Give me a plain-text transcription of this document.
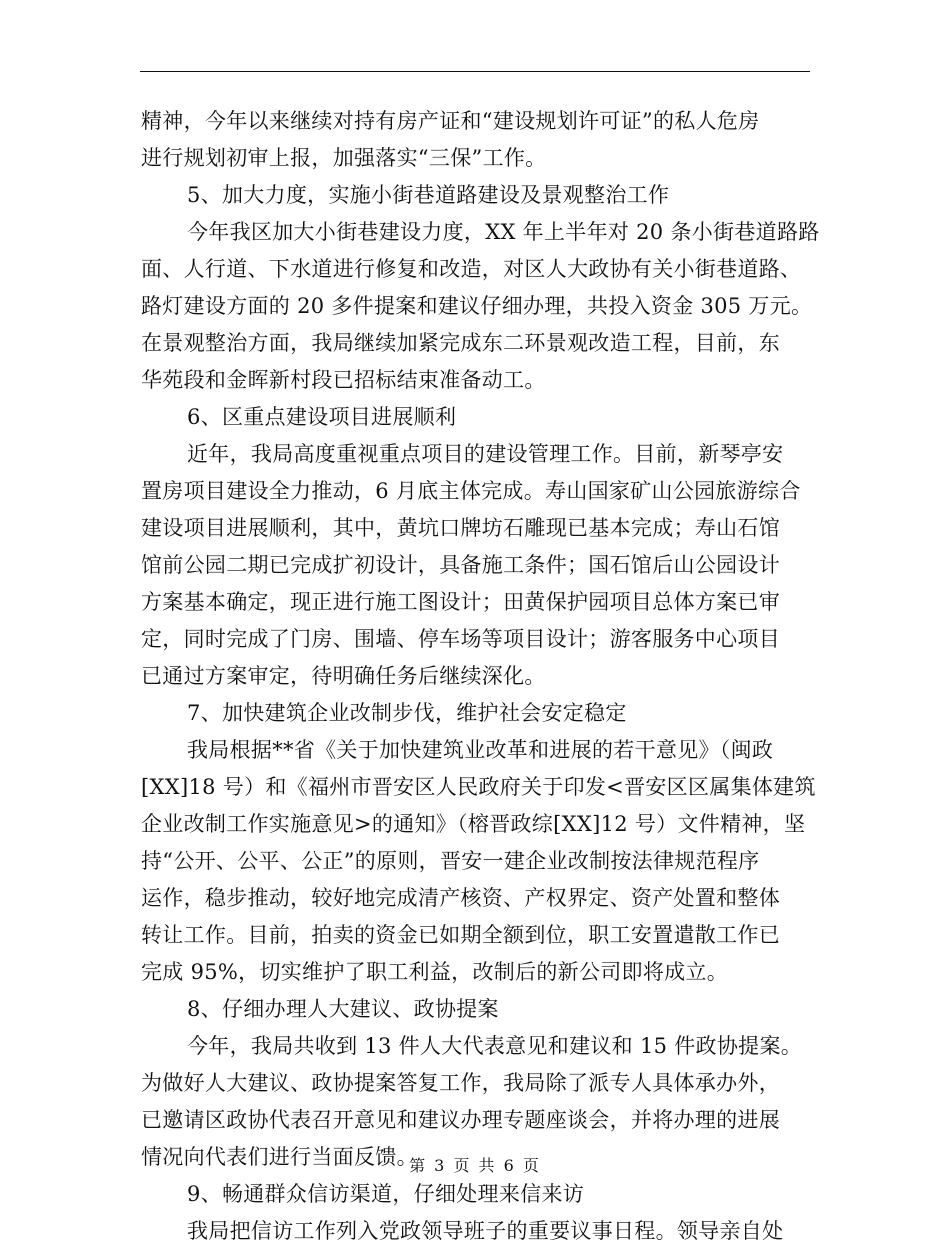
精神，今年以来继续对持有房产证和“建设规划许可证”的私人危房
进行规划初审上报，加强落实“三保”工作。
5、加大力度，实施小街巷道路建设及景观整治工作
今年我区加大小街巷建设力度，XX 年上半年对 20 条小街巷道路路
面、人行道、下水道进行修复和改造，对区人大政协有关小街巷道路、
路灯建设方面的 20 多件提案和建议仔细办理，共投入资金 305 万元。
在景观整治方面，我局继续加紧完成东二环景观改造工程，目前，东
华苑段和金晖新村段已招标结束准备动工。
6、区重点建设项目进展顺利
近年，我局高度重视重点项目的建设管理工作。目前，新琴亭安
置房项目建设全力推动，6 月底主体完成。寿山国家矿山公园旅游综合
建设项目进展顺利，其中，黄坑口牌坊石雕现已基本完成；寿山石馆
馆前公园二期已完成扩初设计，具备施工条件；国石馆后山公园设计
方案基本确定，现正进行施工图设计；田黄保护园项目总体方案已审
定，同时完成了门房、围墙、停车场等项目设计；游客服务中心项目
已通过方案审定，待明确任务后继续深化。
7、加快建筑企业改制步伐，维护社会安定稳定
我局根据**省《关于加快建筑业改革和进展的若干意见》（闽政
[XX]18 号）和《福州市晋安区人民政府关于印发<晋安区区属集体建筑
企业改制工作实施意见>的通知》（榕晋政综[XX]12 号）文件精神，坚
持“公开、公平、公正”的原则，晋安一建企业改制按法律规范程序
运作，稳步推动，较好地完成清产核资、产权界定、资产处置和整体
转让工作。目前，拍卖的资金已如期全额到位，职工安置遣散工作已
完成 95%，切实维护了职工利益，改制后的新公司即将成立。
8、仔细办理人大建议、政协提案
今年，我局共收到 13 件人大代表意见和建议和 15 件政协提案。
为做好人大建议、政协提案答复工作，我局除了派专人具体承办外，
已邀请区政协代表召开意见和建议办理专题座谈会，并将办理的进展
情况向代表们进行当面反馈。
9、畅通群众信访渠道，仔细处理来信来访
我局把信访工作列入党政领导班子的重要议事日程。领导亲自处
第 3 页 共 6 页
